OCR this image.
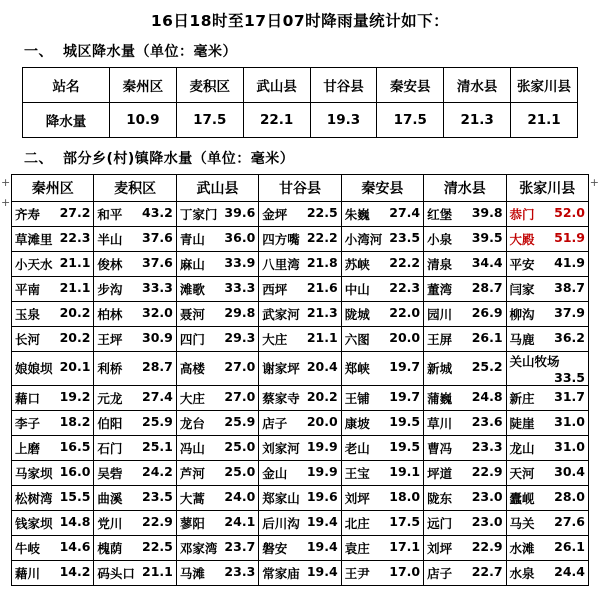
16日18时至17日07时降雨量统计如下：
一、 城区降水量（单位：毫米）
站名	秦州区	麦积区	武山县	甘谷县	秦安县	清水县	张家川县
降水量	10.9	17.5	22.1	19.3	17.5	21.3	21.1
二、 部分乡(村)镇降水量（单位：毫米）
秦州区	麦积区	武山县	甘谷县	秦安县	清水县	张家川县

齐寿 27.2	和平 43.2	丁家门 39.6	金坪 22.5	朱巍 27.4	红堡 39.8	恭门 52.0

草滩里 22.3	半山 37.6	青山 36.0	四方嘴 22.2	小湾河 23.5	小泉 39.5	大殿 51.9

小天水 21.1	俊林 37.6	麻山 33.9	八里湾 21.8	苏峡 22.2	清泉 34.4	平安 41.9

平南 21.1	步沟 33.3	滩歌 33.3	西坪 21.6	中山 22.3	董湾 28.7	闫家 38.7

玉泉 20.2	柏林 32.0	聂河 29.8	武家河 21.3	陇城 22.0	园川 26.9	柳沟 37.9

长河 20.2	王坪 30.9	四门 29.3	大庄 21.1	六图 20.0	王屏 26.1	马鹿 36.2

娘娘坝 20.1	利桥 28.7	高楼 27.0	谢家坪 20.4	郑峡 19.7	新城 25.2	关山牧场
33.5

藉口 19.2	元龙 27.4	大庄 27.0	蔡家寺 20.2	王铺 19.7	蒲巍 24.8	新庄 31.7

李子 18.2	伯阳 25.9	龙台 25.9	店子 20.0	康坡 19.5	草川 23.6	陡崖 31.0

上磨 16.5	石门 25.1	冯山 25.0	刘家河 19.9	老山 19.5	曹冯 23.3	龙山 31.0

马家坝 16.0	吴砦 24.2	芦河 25.0	金山 19.9	王宝 19.1	坪道 22.9	天河 30.4

松树湾 15.5	曲溪 23.5	大蒿 24.0	郑家山 19.6	刘坪 18.0	陇东 23.0	蠹岘 28.0

钱家坝 14.8	党川 22.9	蓼阳 24.1	后川沟 19.4	北庄 17.5	远门 23.0	马关 27.6

牛岐 14.6	槐荫 22.5	邓家湾 23.7	磐安 19.4	袁庄 17.1	刘坪 22.9	水滩 26.1

藉川 14.2	码头口 21.1	马滩 23.3	常家庙 19.4	王尹 17.0	店子 22.7	水泉 24.4
+
+
+
